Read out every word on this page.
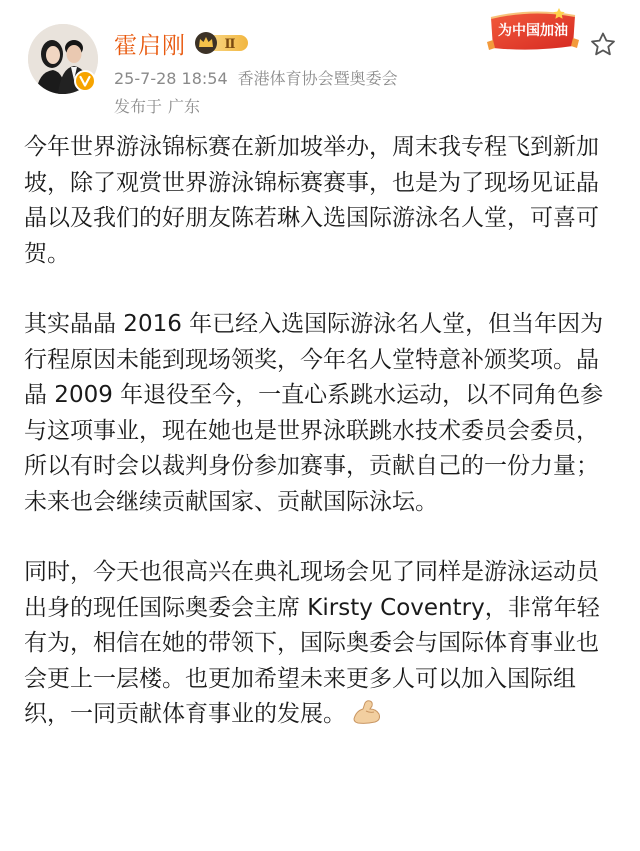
霍启刚	Ⅱ
25-7-28 18:54 香港体育协会暨奥委会
发布于 广东
为中国加油

今年世界游泳锦标赛在新加坡举办，周末我专程飞到新加坡，除了观赏世界游泳锦标赛赛事，也是为了现场见证晶晶以及我们的好朋友陈若琳入选国际游泳名人堂，可喜可贺。

其实晶晶 2016 年已经入选国际游泳名人堂，但当年因为行程原因未能到现场领奖，今年名人堂特意补颁奖项。晶晶 2009 年退役至今，一直心系跳水运动，以不同角色参与这项事业，现在她也是世界泳联跳水技术委员会委员，所以有时会以裁判身份参加赛事，贡献自己的一份力量；未来也会继续贡献国家、贡献国际泳坛。

同时，今天也很高兴在典礼现场会见了同样是游泳运动员出身的现任国际奥委会主席 Kirsty Coventry，非常年轻有为，相信在她的带领下，国际奥委会与国际体育事业也会更上一层楼。也更加希望未来更多人可以加入国际组织，一同贡献体育事业的发展。
